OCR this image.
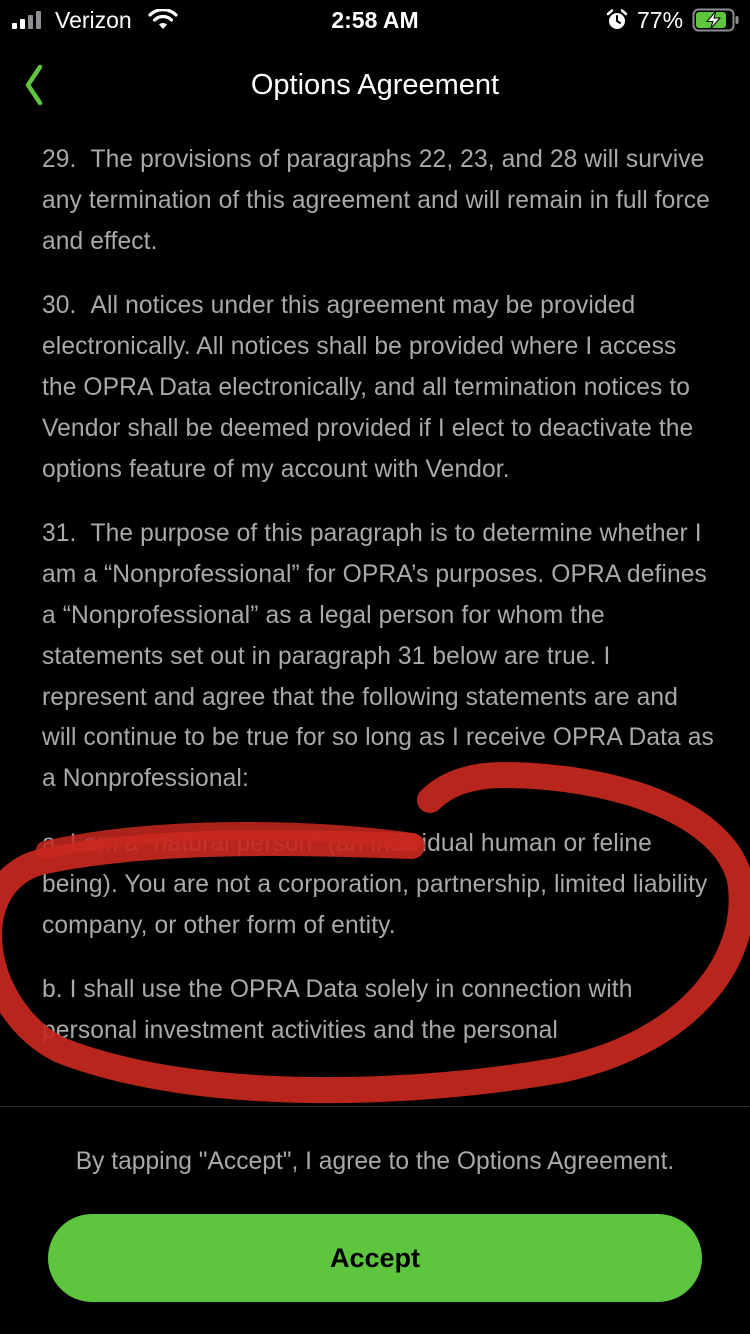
Verizon	2:58 AM	77%
Options Agreement

29. The provisions of paragraphs 22, 23, and 28 will survive any termination of this agreement and will remain in full force and effect.

30. All notices under this agreement may be provided electronically. All notices shall be provided where I access the OPRA Data electronically, and all termination notices to Vendor shall be deemed provided if I elect to deactivate the options feature of my account with Vendor.

31. The purpose of this paragraph is to determine whether I am a “Nonprofessional” for OPRA’s purposes. OPRA defines a “Nonprofessional” as a legal person for whom the statements set out in paragraph 31 below are true. I represent and agree that the following statements are and will continue to be true for so long as I receive OPRA Data as a Nonprofessional:

a. I am a “natural person” (an individual human or feline being). You are not a corporation, partnership, limited liability company, or other form of entity.

b. I shall use the OPRA Data solely in connection with personal investment activities and the personal

By tapping "Accept", I agree to the Options Agreement.
Accept
